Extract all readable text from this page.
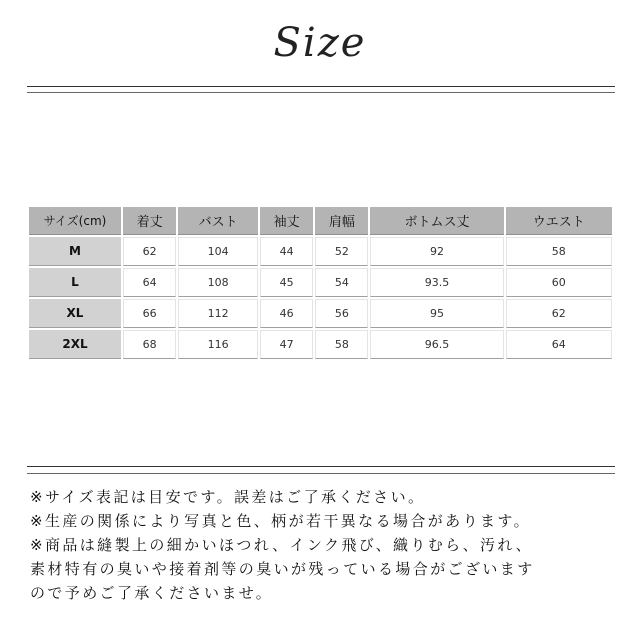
Size
サイズ(cm)	着丈	バスト	袖丈	肩幅	ボトムス丈	ウエスト
M	62	104	44	52	92	58
L	64	108	45	54	93.5	60
XL	66	112	46	56	95	62
2XL	68	116	47	58	96.5	64
※サイズ表記は目安です。誤差はご了承ください。
※生産の関係により写真と色、柄が若干異なる場合があります。
※商品は縫製上の細かいほつれ、インク飛び、織りむら、汚れ、
素材特有の臭いや接着剤等の臭いが残っている場合がございます
ので予めご了承くださいませ。
